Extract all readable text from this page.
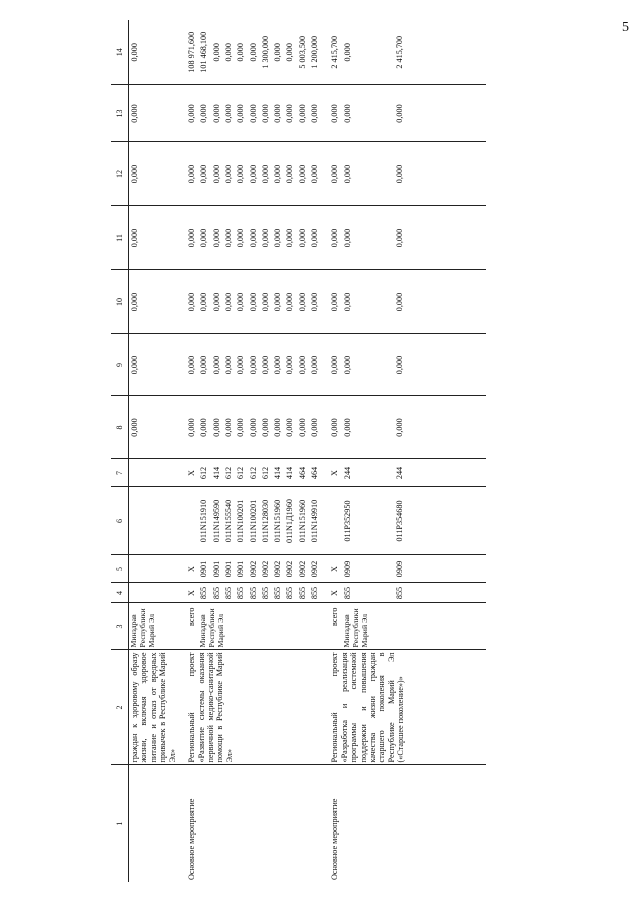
5
1	2	3	4	5	6	7	8	9	10	11	12	13	14
	граждан к здоровому образу жизни, включая здоровое питание и отказ от вредных привычек в Республике Марий Эл»	Минздрав Республики Марий Эл					0,000	0,000	0,000	0,000	0,000	0,000	0,000
Основное мероприятие	Региональный проект «Развитие системы оказания первичной медико-санитарной помощи в Республике Марий Эл»	всего	X	X		X	0,000	0,000	0,000	0,000	0,000	0,000	108 971,600
		Минздрав Республики Марий Эл	855	0901	011N151910	612	0,000	0,000	0,000	0,000	0,000	0,000	101 468,100
			855	0901	011N149590	414	0,000	0,000	0,000	0,000	0,000	0,000	0,000
			855	0901	011N155540	612	0,000	0,000	0,000	0,000	0,000	0,000	0,000
			855	0901	011N100201	612	0,000	0,000	0,000	0,000	0,000	0,000	0,000
			855	0902	011N100201	612	0,000	0,000	0,000	0,000	0,000	0,000	0,000
			855	0902	011N128030	612	0,000	0,000	0,000	0,000	0,000	0,000	1 300,000
			855	0902	011N151960	414	0,000	0,000	0,000	0,000	0,000	0,000	0,000
			855	0902	011N1Д1960	414	0,000	0,000	0,000	0,000	0,000	0,000	0,000
			855	0902	011N151960	464	0,000	0,000	0,000	0,000	0,000	0,000	5 003,500
			855	0902	011N149910	464	0,000	0,000	0,000	0,000	0,000	0,000	1 200,000
Основное мероприятие	Региональный проект «Разработка и реализация программы системной поддержки и повышения качества жизни граждан старшего поколения в Республике Марий Эл («Старшее поколение»)»	всего	X	X		X	0,000	0,000	0,000	0,000	0,000	0,000	2 415,700
		Минздрав Республики Марий Эл	855	0909	011P352950	244	0,000	0,000	0,000	0,000	0,000	0,000	0,000
			855	0909	011P354680	244	0,000	0,000	0,000	0,000	0,000	0,000	2 415,700
